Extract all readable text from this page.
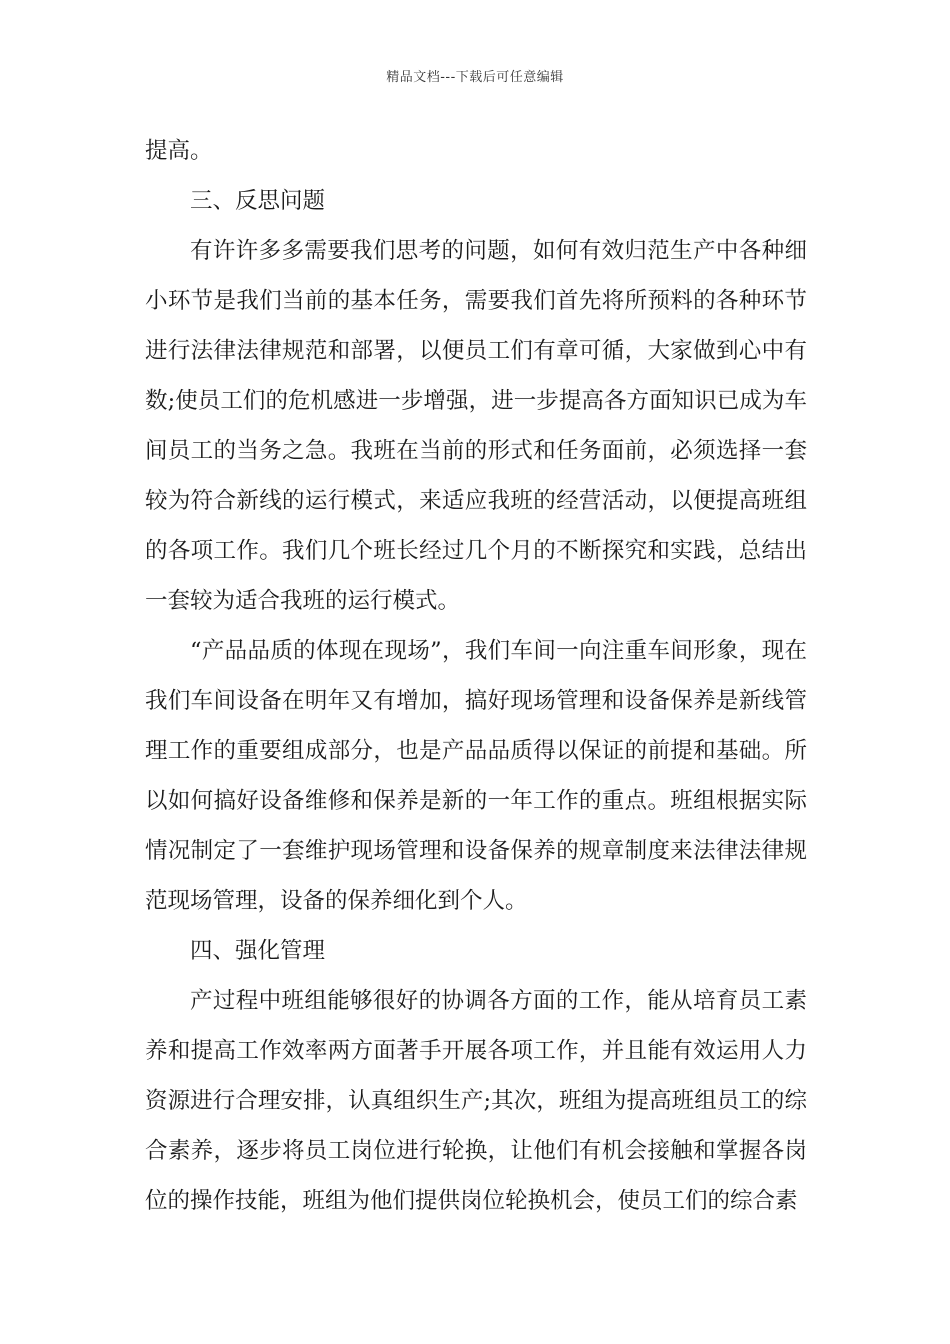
精品文档---下载后可任意编辑

提高。

三、反思问题

有许许多多需要我们思考的问题，如何有效归范生产中各种细小环节是我们当前的基本任务，需要我们首先将所预料的各种环节进行法律法律规范和部署，以便员工们有章可循，大家做到心中有数;使员工们的危机感进一步增强，进一步提高各方面知识已成为车间员工的当务之急。我班在当前的形式和任务面前，必须选择一套较为符合新线的运行模式，来适应我班的经营活动，以便提高班组的各项工作。我们几个班长经过几个月的不断探究和实践，总结出一套较为适合我班的运行模式。

“产品品质的体现在现场”，我们车间一向注重车间形象，现在我们车间设备在明年又有增加，搞好现场管理和设备保养是新线管理工作的重要组成部分，也是产品品质得以保证的前提和基础。所以如何搞好设备维修和保养是新的一年工作的重点。班组根据实际情况制定了一套维护现场管理和设备保养的规章制度来法律法律规范现场管理，设备的保养细化到个人。

四、强化管理

产过程中班组能够很好的协调各方面的工作，能从培育员工素养和提高工作效率两方面著手开展各项工作，并且能有效运用人力资源进行合理安排，认真组织生产;其次，班组为提高班组员工的综合素养，逐步将员工岗位进行轮换，让他们有机会接触和掌握各岗位的操作技能，班组为他们提供岗位轮换机会，使员工们的综合素
